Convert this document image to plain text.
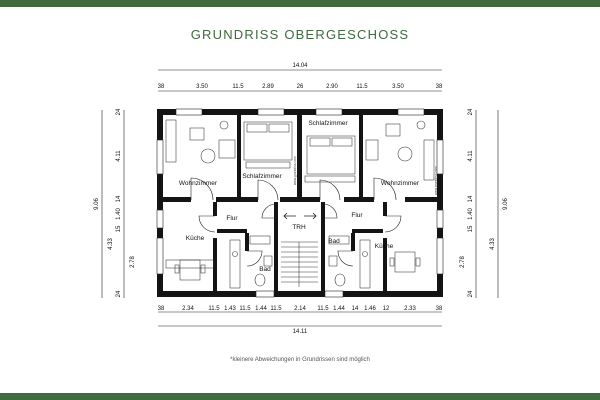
GRUNDRISS OBERGESCHOSS
Wohnzimmer
Schlafzimmer
Schlafzimmer
Wohnzimmer
Küche
Flur
TRH
Flur
Bad
Bad
Küche
www.grundriss.com	www.grundriss.com
14.04
38	3.50	11.5	2.89	26	2.90	11.5	3.50	38
38	2.34 11.5 1.43 11.5 1.44 11.5 2.14 11.5 1.44 14 1.46 12 2.33	38
14.11
24
4.11
14
1.40
15
4.33
2.78
24
9.06
24
4.11
14
1.40
15
4.33
2.78
24
9.06
*kleinere Abweichungen in Grundrissen sind möglich
